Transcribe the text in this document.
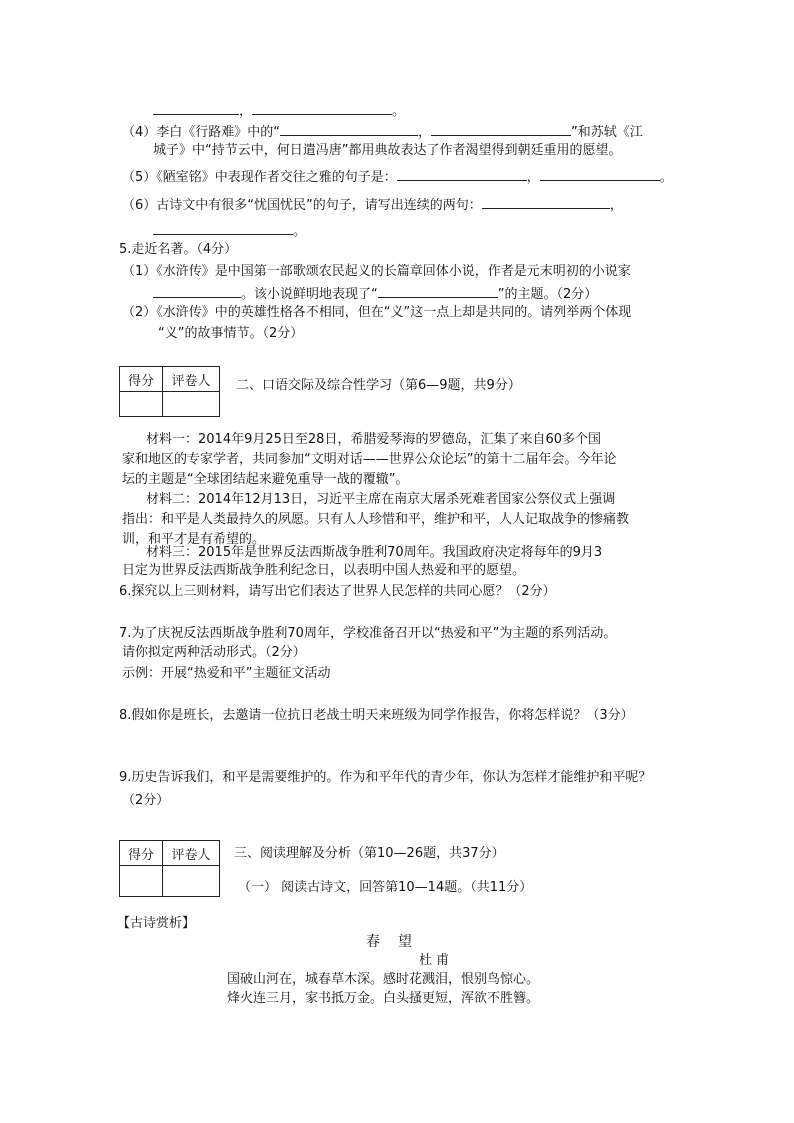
，	。
（4）李白《行路难》中的“	，	”和苏轼《江
城子》中“持节云中，何日遣冯唐”都用典故表达了作者渴望得到朝廷重用的愿望。
（5）《陋室铭》中表现作者交往之雅的句子是：	，	。
（6）古诗文中有很多“忧国忧民”的句子，请写出连续的两句：	，
。
5.走近名著。（4分）
（1）《水浒传》是中国第一部歌颂农民起义的长篇章回体小说，作者是元末明初的小说家
。该小说鲜明地表现了“	”的主题。（2分）
（2）《水浒传》中的英雄性格各不相同，但在“义”这一点上却是共同的。请列举两个体现
“义”的故事情节。（2分）
得分	评卷人
	二、口语交际及综合性学习（第6—9题，共9分）
材料一：2014年9月25日至28日，希腊爱琴海的罗德岛，汇集了来自60多个国
家和地区的专家学者，共同参加“文明对话——世界公众论坛”的第十二届年会。今年论
坛的主题是“全球团结起来避免重导一战的覆辙”。
材料二：2014年12月13日，习近平主席在南京大屠杀死难者国家公祭仪式上强调
指出：和平是人类最持久的夙愿。只有人人珍惜和平，维护和平，人人记取战争的惨痛教
训，和平才是有希望的。
材料三：2015年是世界反法西斯战争胜利70周年。我国政府决定将每年的9月3
日定为世界反法西斯战争胜利纪念日，以表明中国人热爱和平的愿望。
6.探究以上三则材料，请写出它们表达了世界人民怎样的共同心愿？（2分）
7.为了庆祝反法西斯战争胜利70周年，学校准备召开以“热爱和平”为主题的系列活动。
请你拟定两种活动形式。（2分）
示例：开展“热爱和平”主题征文活动
8.假如你是班长，去邀请一位抗日老战士明天来班级为同学作报告，你将怎样说？（3分）
9.历史告诉我们，和平是需要维护的。作为和平年代的青少年，你认为怎样才能维护和平呢？
（2分）
得分	评卷人
	三、阅读理解及分析（第10—26题，共37分）
（一） 阅读古诗文，回答第10—14题。（共11分）
【古诗赏析】
春　望
杜甫
国破山河在，城春草木深。感时花溅泪，恨别鸟惊心。
烽火连三月，家书抵万金。白头搔更短，浑欲不胜簪。
